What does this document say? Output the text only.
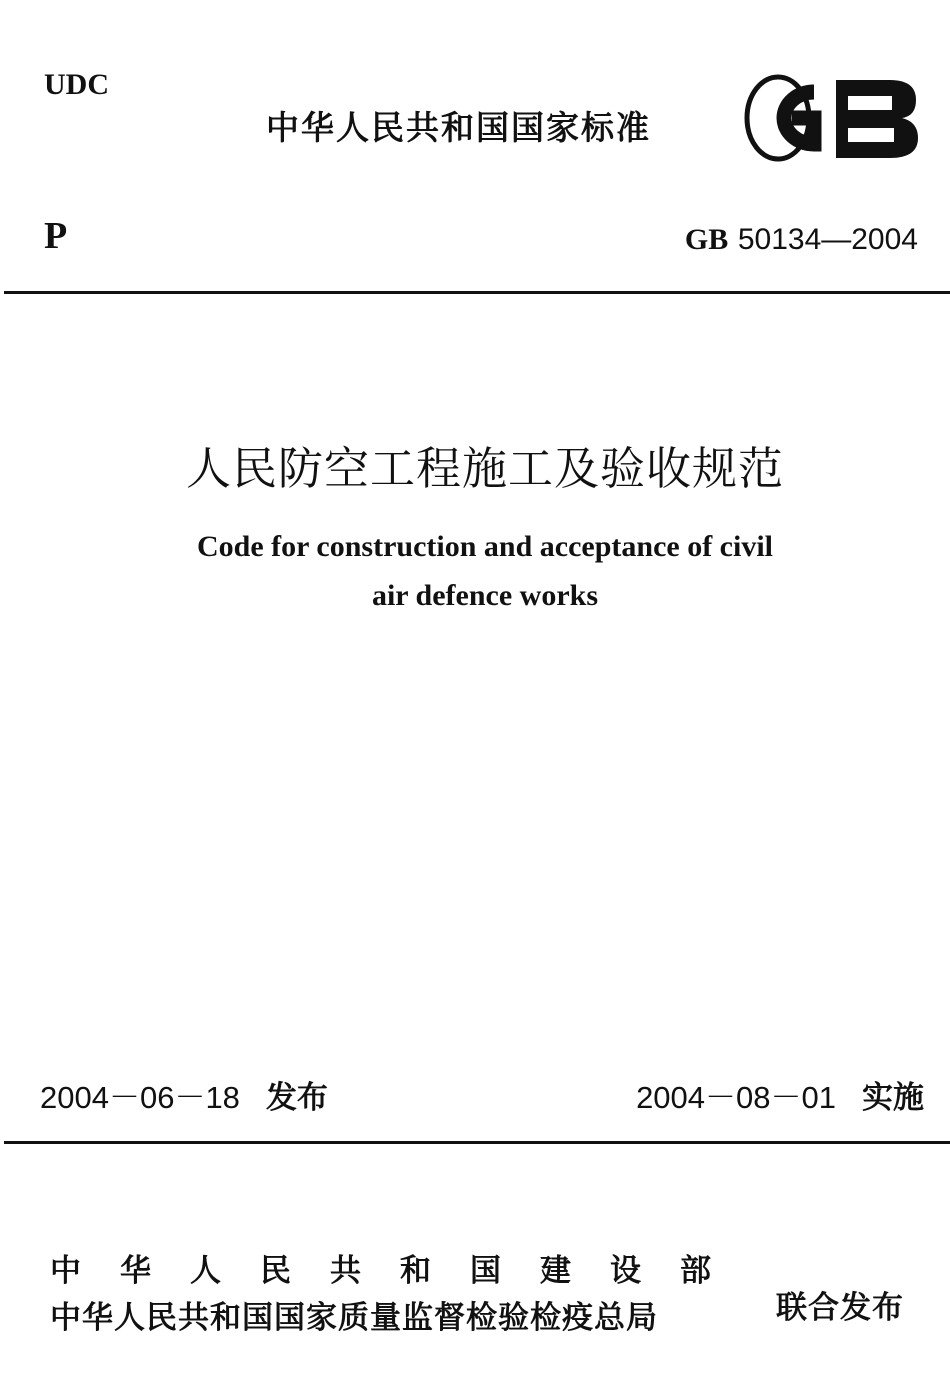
UDC
中华人民共和国国家标准
P	GB 50134—2004
人民防空工程施工及验收规范
Code for construction and acceptance of civil
air defence works
2004－06－18 发布	2004－08－01 实施
中华人民共和国建设部
中华人民共和国国家质量监督检验检疫总局	联合发布
